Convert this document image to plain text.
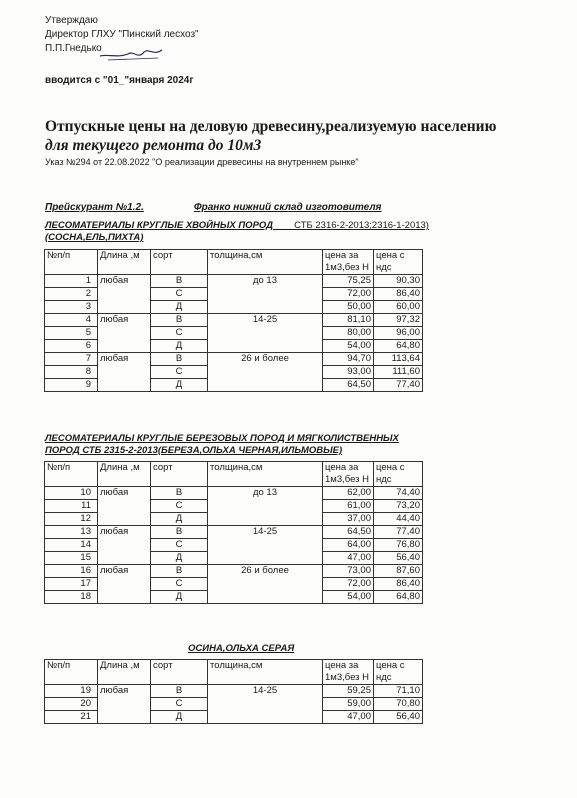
Утверждаю
Директор ГЛХУ "Пинский лесхоз"
П.П.Гнедько
вводится с "01_"января 2024г
Отпускные цены на деловую древесину,реализуемую населению
для текущего ремонта до 10м3
Указ №294 от 22.08.2022 "О реализации древесины на внутреннем рынке"
Прейскурант №1.2.	Франко нижний склад изготовителя
ЛЕСОМАТЕРИАЛЫ КРУГЛЫЕ ХВОЙНЫХ ПОРОД СТБ 2316-2-2013;2316-1-2013)
(СОСНА,ЕЛЬ,ПИХТА)
№п/п	Длина ,м	сорт	толщина,см	цена за
1м3,без Н	цена с
ндс
1	любая	В	до 13	75,25	90,30
2		С		72,00	86,40
3		Д		50,00	60,00
4	любая	В	14-25	81,10	97,32
5		С		80,00	96,00
6		Д		54,00	64,80
7	любая	В	26 и более	94,70	113,64
8		С		93,00	111,60
9		Д		64,50	77,40
ЛЕСОМАТЕРИАЛЫ КРУГЛЫЕ БЕРЕЗОВЫХ ПОРОД И МЯГКОЛИСТВЕННЫХ
ПОРОД СТБ 2315-2-2013(БЕРЕЗА,ОЛЬХА ЧЕРНАЯ,ИЛЬМОВЫЕ)
№п/п	Длина ,м	сорт	толщина,см	цена за
1м3,без Н	цена с
ндс
10	любая	В	до 13	62,00	74,40
11		С		61,00	73,20
12		Д		37,00	44,40
13	любая	В	14-25	64,50	77,40
14		С		64,00	76,80
15		Д		47,00	56,40
16	любая	В	26 и более	73,00	87,60
17		С		72,00	86,40
18		Д		54,00	64,80
ОСИНА,ОЛЬХА СЕРАЯ
№п/п	Длина ,м	сорт	толщина,см	цена за
1м3,без Н	цена с
ндс
19	любая	В	14-25	59,25	71,10
20		С		59,00	70,80
21		Д		47,00	56,40
